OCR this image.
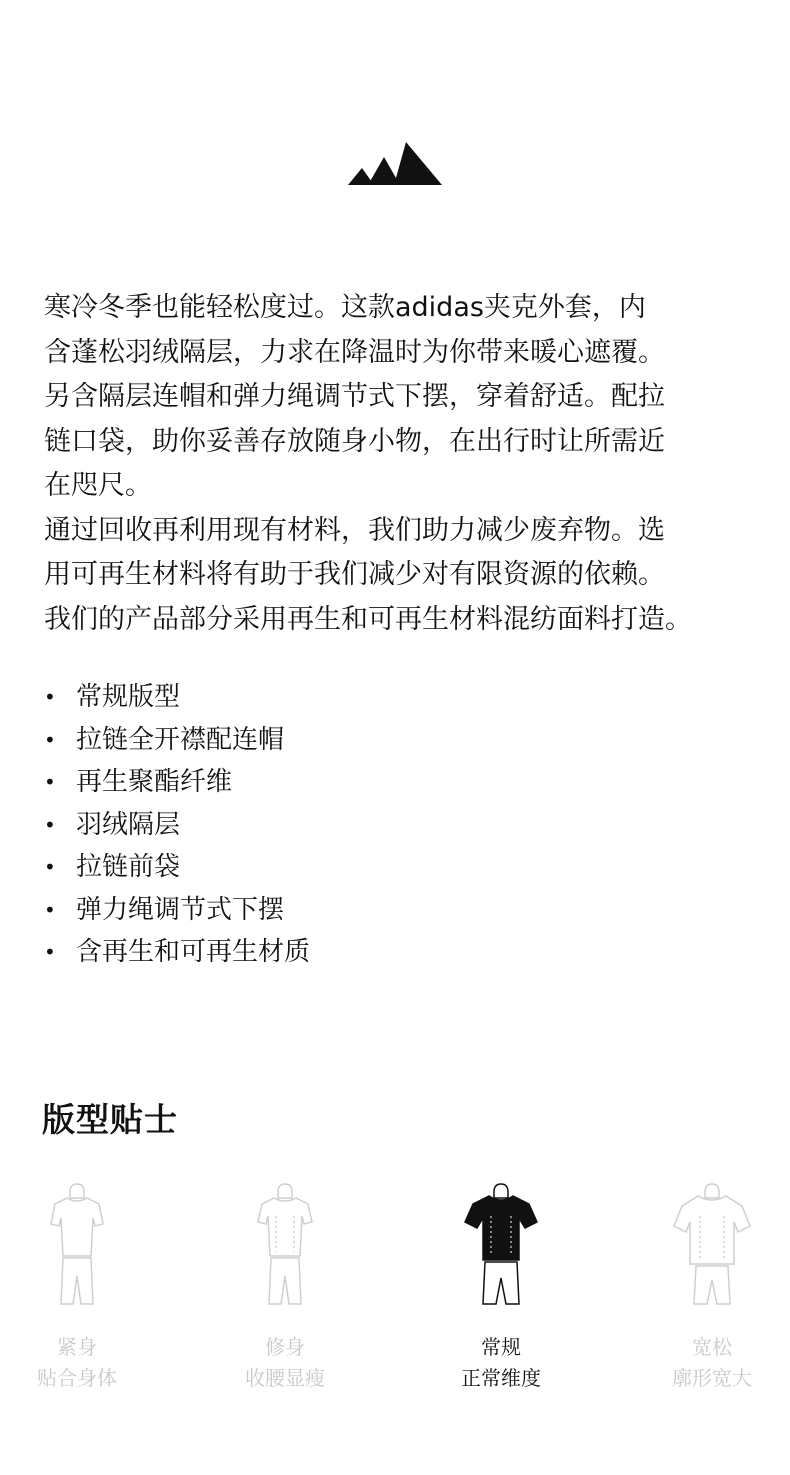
寒冷冬季也能轻松度过。这款adidas夹克外套，内
含蓬松羽绒隔层，力求在降温时为你带来暖心遮覆。
另含隔层连帽和弹力绳调节式下摆，穿着舒适。配拉
链口袋，助你妥善存放随身小物，在出行时让所需近
在咫尺。

通过回收再利用现有材料，我们助力减少废弃物。选
用可再生材料将有助于我们减少对有限资源的依赖。
我们的产品部分采用再生和可再生材料混纺面料打造。

• 常规版型
• 拉链全开襟配连帽
• 再生聚酯纤维
• 羽绒隔层
• 拉链前袋
• 弹力绳调节式下摆
• 含再生和可再生材质
版型贴士
紧身
贴合身体
修身
收腰显瘦
常规
正常维度
宽松
廓形宽大
